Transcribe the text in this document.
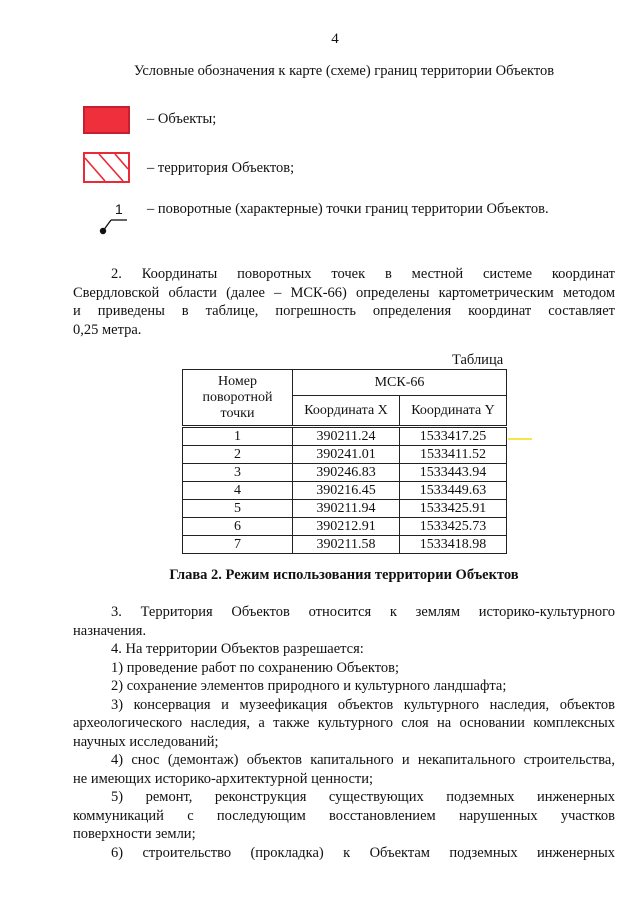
4
Условные обозначения к карте (схеме) границ территории Объектов
– Объекты;
– территория Объектов;
1 – поворотные (характерные) точки границ территории Объектов.

2. Координаты поворотных точек в местной системе координат

Свердловской области (далее – МСК-66) определены картометрическим методом

и приведены в таблице, погрешность определения координат составляет

0,25 метра.

Таблица
Номер поворотной точки	МСК-66	
	Координата X	Координата Y
1	390211.24	1533417.25
2	390241.01	1533411.52
3	390246.83	1533443.94
4	390216.45	1533449.63
5	390211.94	1533425.91
6	390212.91	1533425.73
7	390211.58	1533418.98
Глава 2. Режим использования территории Объектов

3. Территория Объектов относится к землям историко-культурного

назначения.

4. На территории Объектов разрешается:

1) проведение работ по сохранению Объектов;

2) сохранение элементов природного и культурного ландшафта;

3) консервация и музеефикация объектов культурного наследия, объектов

археологического наследия, а также культурного слоя на основании комплексных

научных исследований;

4) снос (демонтаж) объектов капитального и некапитального строительства,

не имеющих историко-архитектурной ценности;

5) ремонт, реконструкция существующих подземных инженерных

коммуникаций с последующим восстановлением нарушенных участков

поверхности земли;

6) строительство (прокладка) к Объектам подземных инженерных
